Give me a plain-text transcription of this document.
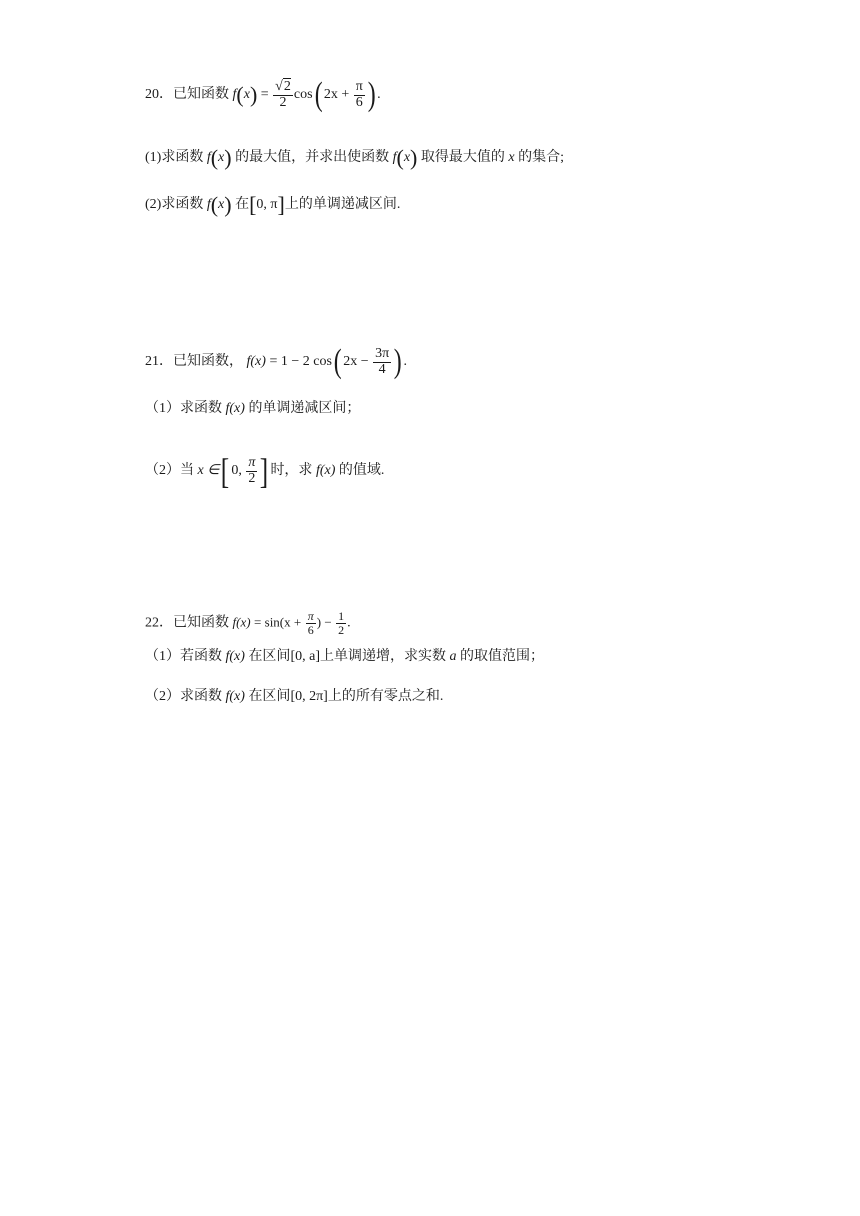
20．已知函数 $f(x) = \frac{√2}{2} \cos$( $2x + \frac{\pi}{6}$ ) .
(1)求函数 f(x) 的最大值，并求出使函数 f(x) 取得最大值的 x 的集合;
(2)求函数 f(x) 在[0, π]上的单调递减区间.
21．已知函数， f(x) = 1 − 2 cos( $2x - \frac{3\pi}{4}$ ) .
（1）求函数 f(x) 的单调递减区间；
（2）当 x ∈[ 0, $\frac{\pi}{2}$ ] 时，求 f(x) 的值域.
22．已知函数 $f(x) = \sin(x + \frac{\pi}{6}$ ) − $\frac{1}{2}$ .
（1）若函数 f(x) 在区间[0, a]上单调递增，求实数 a 的取值范围；
（2）求函数 f(x) 在区间[0, 2π]上的所有零点之和.
